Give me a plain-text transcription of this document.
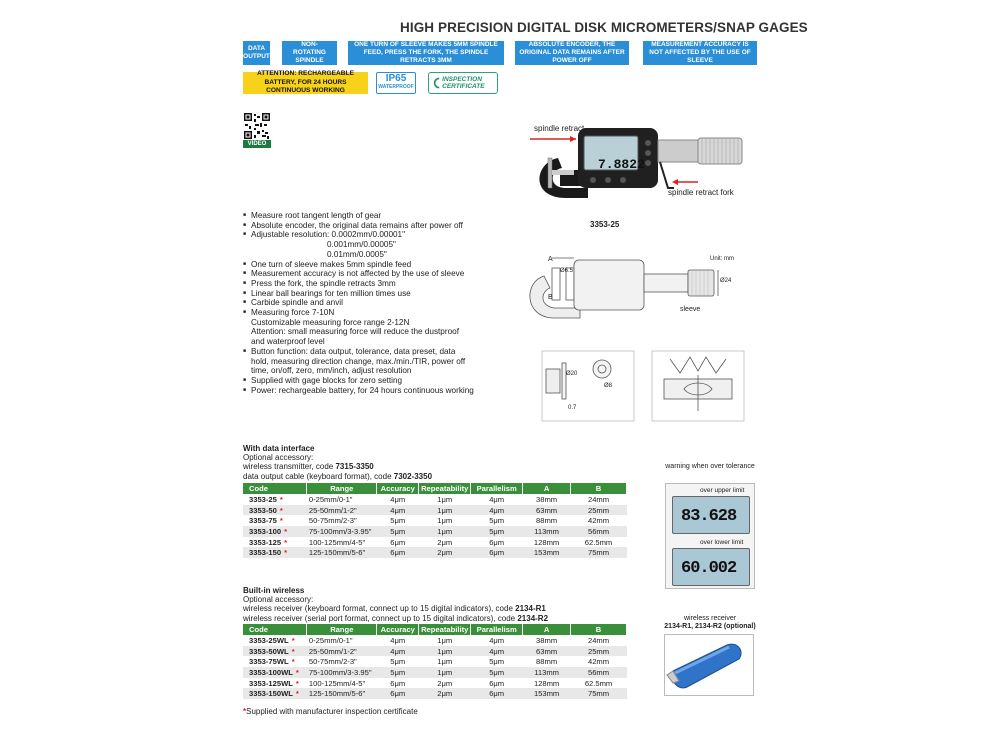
HIGH PRECISION DIGITAL DISK MICROMETERS/SNAP GAGES
DATA OUTPUT
NON-ROTATING SPINDLE
ONE TURN OF SLEEVE MAKES 5MM SPINDLE FEED, PRESS THE FORK, THE SPINDLE RETRACTS 3MM
ABSOLUTE ENCODER, THE ORIGINAL DATA REMAINS AFTER POWER OFF
MEASUREMENT ACCURACY IS NOT AFFECTED BY THE USE OF SLEEVE
ATTENTION: RECHARGEABLE BATTERY, FOR 24 HOURS CONTINUOUS WORKING
IP65
WATERPROOF
INSPECTION CERTIFICATE
VIDEO
7.8822
spindle retract
spindle retract fork
3353-25
■ Measure root tangent length of gear
■ Absolute encoder, the original data remains after power off
■ Adjustable resolution: 0.0002mm/0.00001"
0.001mm/0.00005"
0.01mm/0.0005"
■ One turn of sleeve makes 5mm spindle feed
■ Measurement accuracy is not affected by the use of sleeve
■ Press the fork, the spindle retracts 3mm
■ Linear ball bearings for ten million times use
■ Carbide spindle and anvil
■ Measuring force 7-10N
Customizable measuring force range 2-12N
Attention: small measuring force will reduce the dustproof
and waterproof level
■ Button function: data output, tolerance, data preset, data hold, measuring direction change, max./min./TIR, power off time, on/off, zero, mm/inch, adjust resolution
■ Supplied with gage blocks for zero setting
■ Power: rechargeable battery, for 24 hours continuous working
A
B
Ø6.5
Ø24
Unit: mm
sleeve
Ø20
Ø8
0.7
With data interface
Optional accessory:
wireless transmitter, code 7315-3350
data output cable (keyboard format), code 7302-3350
Code	Range	Accuracy	Repeatability	Parallelism	A	B
3353-25 *	0-25mm/0-1"	4μm	1μm	4μm	38mm	24mm
3353-50 *	25-50mm/1-2"	4μm	1μm	4μm	63mm	25mm
3353-75 *	50-75mm/2-3"	5μm	1μm	5μm	88mm	42mm
3353-100 *	75-100mm/3-3.95"	5μm	1μm	5μm	113mm	56mm
3353-125 *	100-125mm/4-5"	6μm	2μm	6μm	128mm	62.5mm
3353-150 *	125-150mm/5-6"	6μm	2μm	6μm	153mm	75mm
Built-in wireless
Optional accessory:
wireless receiver (keyboard format, connect up to 15 digital indicators), code 2134-R1
wireless receiver (serial port format, connect up to 15 digital indicators), code 2134-R2
Code	Range	Accuracy	Repeatability	Parallelism	A	B
3353-25WL *	0-25mm/0-1"	4μm	1μm	4μm	38mm	24mm
3353-50WL *	25-50mm/1-2"	4μm	1μm	4μm	63mm	25mm
3353-75WL *	50-75mm/2-3"	5μm	1μm	5μm	88mm	42mm
3353-100WL *	75-100mm/3-3.95"	5μm	1μm	5μm	113mm	56mm
3353-125WL *	100-125mm/4-5"	6μm	2μm	6μm	128mm	62.5mm
3353-150WL *	125-150mm/5-6"	6μm	2μm	6μm	153mm	75mm
*Supplied with manufacturer inspection certificate
warning when over tolerance
over upper limit
83.628
over lower limit
60.002
wireless receiver
2134-R1, 2134-R2 (optional)
